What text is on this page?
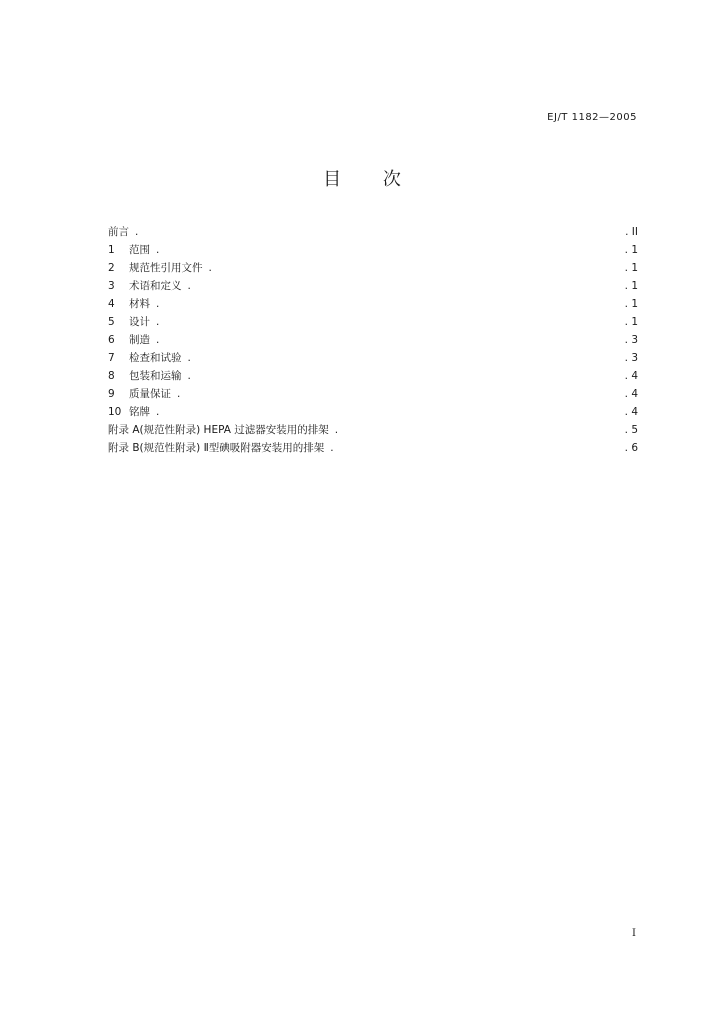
EJ/T 1182—2005
目 次
前言 .	. II
1	范围 .	. 1
2	规范性引用文件 .	. 1
3	术语和定义 .	. 1
4	材料 .	. 1
5	设计 .	. 1
6	制造 .	. 3
7	检查和试验 .	. 3
8	包装和运输 .	. 4
9	质量保证 .	. 4
10 铭牌 .	. 4
附录 A(规范性附录) HEPA 过滤器安装用的排架 .	. 5
附录 B(规范性附录) Ⅱ型碘吸附器安装用的排架 .	. 6
I
